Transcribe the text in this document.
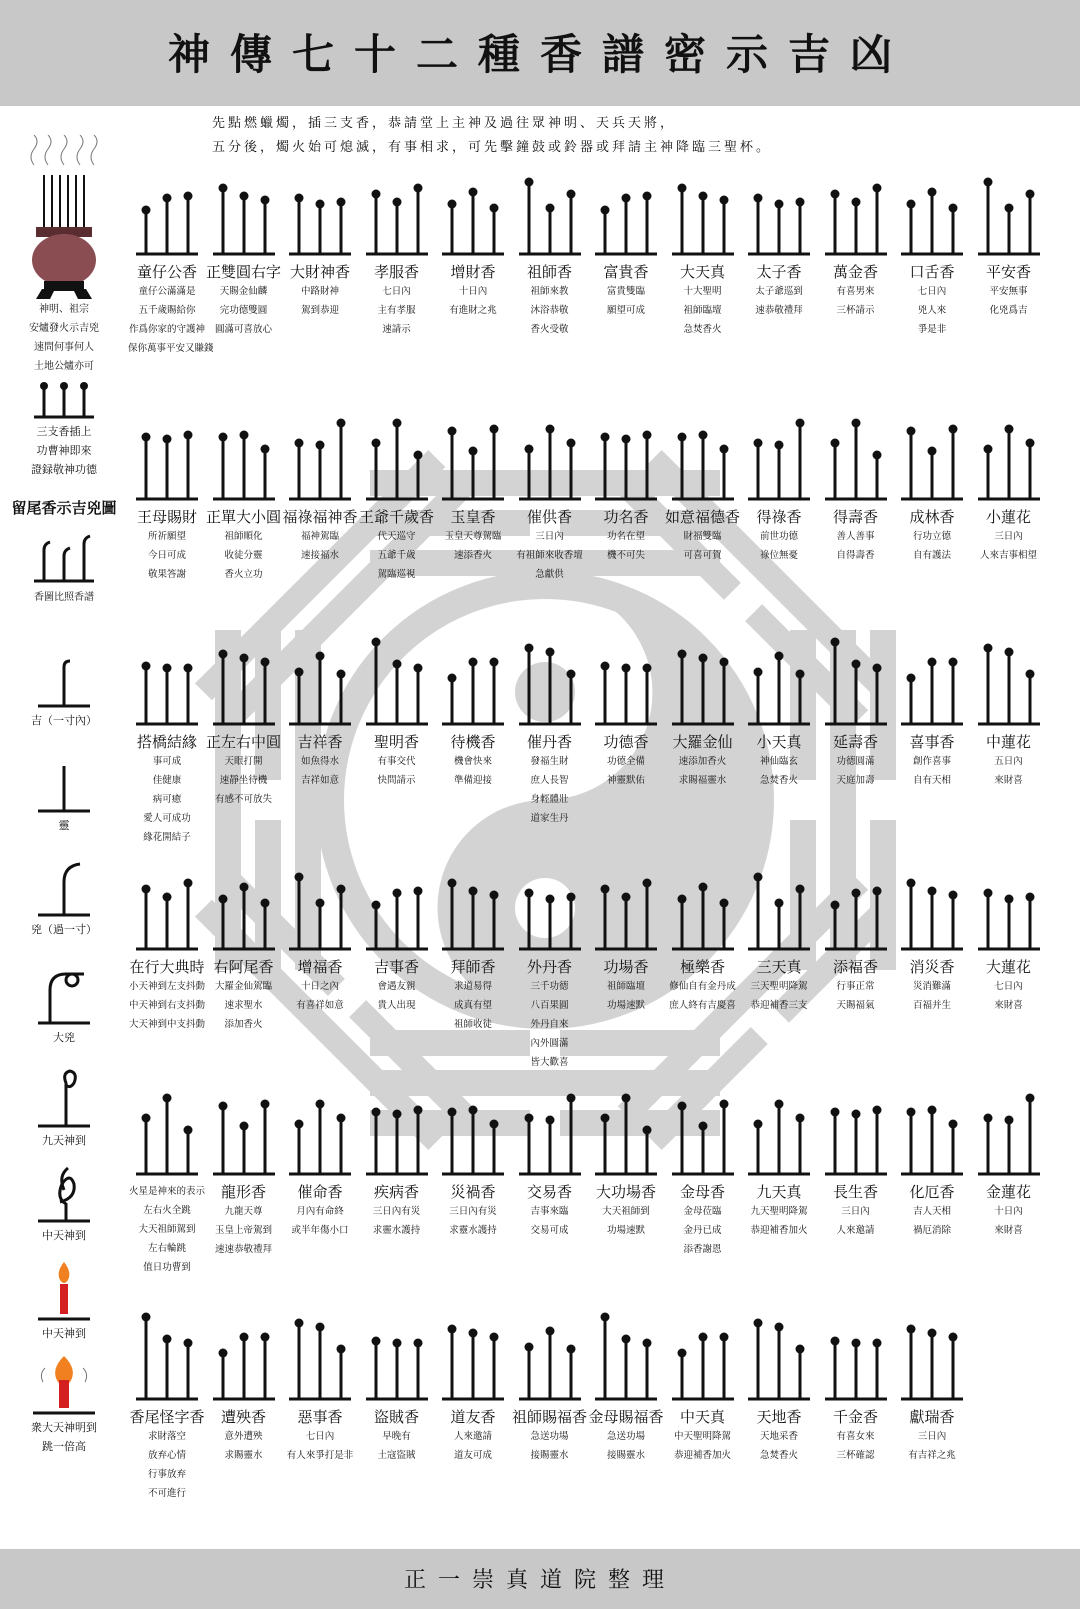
神傳七十二種香譜密示吉凶
先點燃蠟燭，插三支香，恭請堂上主神及過往眾神明、天兵天將，
五分後，燭火始可熄滅，有事相求，可先擊鐘鼓或鈴器或拜請主神降臨三聖杯。
神明、祖宗
安爐發火示吉兇
速問何事何人
土地公爐亦可
三支香插上
功曹神即來
證録敬神功德
留尾香示吉兇圖
香圖比照香譜
吉（一寸內）
靈
兇（過一寸）
大兇
九天神到
中天神到
中天神到
衆大天神明到
跳一倍高
童仔公香
童仔公滿滿是
五千歲賜給你
作爲你家的守護神
保你萬事平安又賺錢
正雙圓右字
天賜金仙麟
完功德雙圓
圓滿可喜放心
大財神香
中路財神
駕到恭迎
孝服香
七日內
主有孝服
速請示
增財香
十日內
有進財之兆
祖師香
祖師來教
沐浴恭敬
香火受敬
富貴香
富貴雙臨
願望可成
大天真
十大聖明
祖師臨壇
急焚香火
太子香
太子爺巡到
速恭敬禮拜
萬金香
有喜男來
三杯請示
口舌香
七日內
兇人來
爭是非
平安香
平安無事
化兇爲吉
王母賜財
所祈願望
今日可成
敬果答謝
正單大小圓
祖師順化
收徒分靈
香火立功
福祿福神香
福神駕臨
速接福水
王爺千歲香
代天巡守
五爺千歲
駕臨巡視
玉皇香
玉皇天尊駕臨
速添香火
催供香
三日內
有祖師來收香壇
急獻供
功名香
功名在望
機不可失
如意福德香
財福雙臨
可喜可賀
得祿香
前世功德
祿位無憂
得壽香
善人善事
自得壽香
成林香
行功立德
自有護法
小蓮花
三日內
人來吉事相望
搭橋結緣
事可成
佳健康
病可癒
愛人可成功
緣花開結子
正左右中圓
天眼打開
速靜坐待機
有感不可放失
吉祥香
如魚得水
吉祥如意
聖明香
有事交代
快問請示
待機香
機會快來
準備迎接
催丹香
發福生財
庶人長智
身輕體壯
道家生丹
功德香
功德全備
神靈默佑
大羅金仙
速添加香火
求賜福靈水
小天真
神仙臨玄
急焚香火
延壽香
功德圓滿
天庭加壽
喜事香
創作喜事
自有天相
中蓮花
五日內
來財喜
在行大典時
小天神到左支抖動
中天神到右支抖動
大天神到中支抖動
右阿尾香
大羅金仙駕臨
速求聖水
添加香火
增福香
十日之內
有喜祥如意
吉事香
會遇友親
貴人出現
拜師香
求道易得
成真有望
祖師收徒
外丹香
三千功德
八百果圓
外丹自來
內外圓滿
皆大歡喜
功場香
祖師臨壇
功場速默
極樂香
修仙自有金丹成
庶人終有吉慶喜
三天真
三天聖明降駕
恭迎補香三支
添福香
行事正常
天賜福氣
消災香
災消難滿
百福并生
大蓮花
七日內
來財喜
火星是神來的表示
左右火全跳
大天祖師駕到
左右輪跳
值日功曹到
龍形香
九龍天尊
玉皇上帝駕到
速速恭敬禮拜
催命香
月內有命終
或半年傷小口
疾病香
三日內有災
求靈水護持
災禍香
三日內有災
求靈水護持
交易香
吉事來臨
交易可成
大功場香
大天祖師到
功場速默
金母香
金母莅臨
金丹已成
添香謝恩
九天真
九天聖明降駕
恭迎補香加火
長生香
三日內
人來邀請
化厄香
吉人天相
禍厄消除
金蓮花
十日內
來財喜
香尾怪字香
求財落空
放弃心情
行事放弃
不可進行
遭殃香
意外遭殃
求賜靈水
惡事香
七日內
有人來爭打是非
盜賊香
早晚有
土寇盜賊
道友香
人來邀請
道友可成
祖師賜福香
急送功場
接賜靈水
金母賜福香
急送功場
接賜靈水
中天真
中天聖明降駕
恭迎補香加火
天地香
天地采香
急焚香火
千金香
有喜女來
三杯確認
獻瑞香
三日內
有吉祥之兆
正一崇真道院整理
